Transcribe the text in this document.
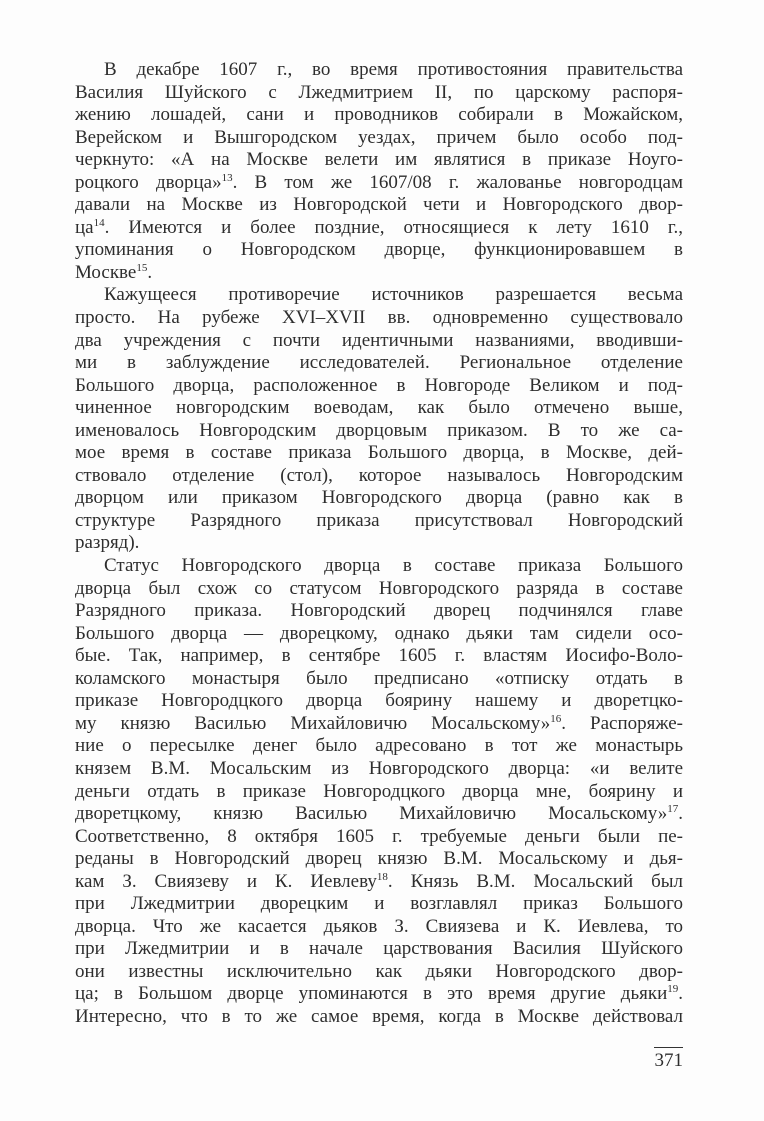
В декабре 1607 г., во время противостояния правительства
Василия Шуйского с Лжедмитрием II, по царскому распоря-
жению лошадей, сани и проводников собирали в Можайском,
Верейском и Вышгородском уездах, причем было особо под-
черкнуто: «А на Москве велети им являтися в приказе Ноуго-
роцкого дворца»$^{13}$. В том же 1607/08 г. жалованье новгородцам
давали на Москве из Новгородской чети и Новгородского двор-
$ца^{14}$. Имеются и более поздние, относящиеся к лету 1610 г.,
упоминания о Новгородском дворце, функционировавшем в
Москве$^{15}$.
Кажущееся противоречие источников разрешается весьма
просто. На рубеже XVI–XVII вв. одновременно существовало
два учреждения с почти идентичными названиями, вводивши-
ми в заблуждение исследователей. Региональное отделение
Большого дворца, расположенное в Новгороде Великом и под-
чиненное новгородским воеводам, как было отмечено выше,
именовалось Новгородским дворцовым приказом. В то же са-
мое время в составе приказа Большого дворца, в Москве, дей-
ствовало отделение (стол), которое называлось Новгородским
дворцом или приказом Новгородского дворца (равно как в
структуре Разрядного приказа присутствовал Новгородский
разряд).
Статус Новгородского дворца в составе приказа Большого
дворца был схож со статусом Новгородского разряда в составе
Разрядного приказа. Новгородский дворец подчинялся главе
Большого дворца — дворецкому, однако дьяки там сидели осо-
бые. Так, например, в сентябре 1605 г. властям Иосифо-Воло-
коламского монастыря было предписано «отписку отдать в
приказе Новгородцкого дворца боярину нашему и дворетцко-
му князю Василью Михайловичю Мосальскому»$^{16}$. Распоряже-
ние о пересылке денег было адресовано в тот же монастырь
князем В.М. Мосальским из Новгородского дворца: «и велите
деньги отдать в приказе Новгородцкого дворца мне, боярину и
дворетцкому, князю Василью Михайловичю Мосальскому»$^{17}$.
Соответственно, 8 октября 1605 г. требуемые деньги были пе-
реданы в Новгородский дворец князю В.М. Мосальскому и дья-
кам З. Свиязеву и К. Иевлеву$^{18}$. Князь В.М. Мосальский был
при Лжедмитрии дворецким и возглавлял приказ Большого
дворца. Что же касается дьяков З. Свиязева и К. Иевлева, то
при Лжедмитрии и в начале царствования Василия Шуйского
они известны исключительно как дьяки Новгородского двор-
ца; в Большом дворце упоминаются в это время другие дьяки$^{19}$.
Интересно, что в то же самое время, когда в Москве действовал
371
